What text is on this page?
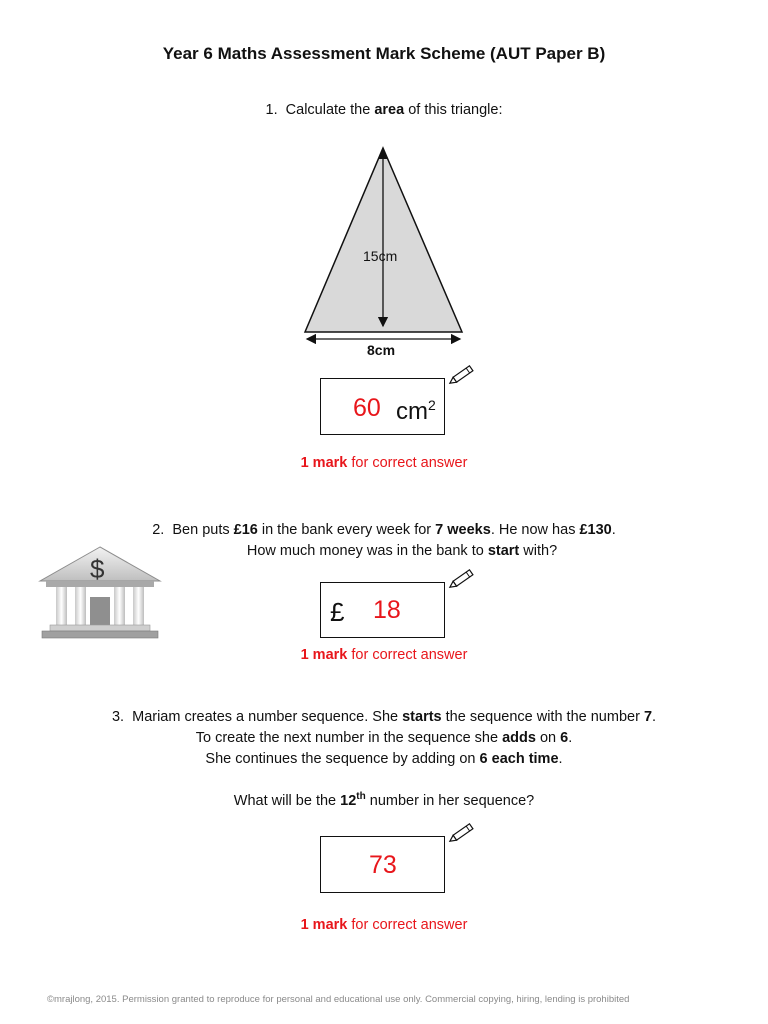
Year 6 Maths Assessment Mark Scheme (AUT Paper B)
1. Calculate the area of this triangle:
15cm
8cm
60 $cm^2$
1 mark for correct answer
2. Ben puts £16 in the bank every week for 7 weeks. He now has £130.
How much money was in the bank to start with?
$
£ 18
1 mark for correct answer
3. Mariam creates a number sequence. She starts the sequence with the number 7.
To create the next number in the sequence she adds on 6.
She continues the sequence by adding on 6 each time.
What will be the 12th number in her sequence?
73
1 mark for correct answer
©mrajlong, 2015. Permission granted to reproduce for personal and educational use only. Commercial copying, hiring, lending is prohibited
